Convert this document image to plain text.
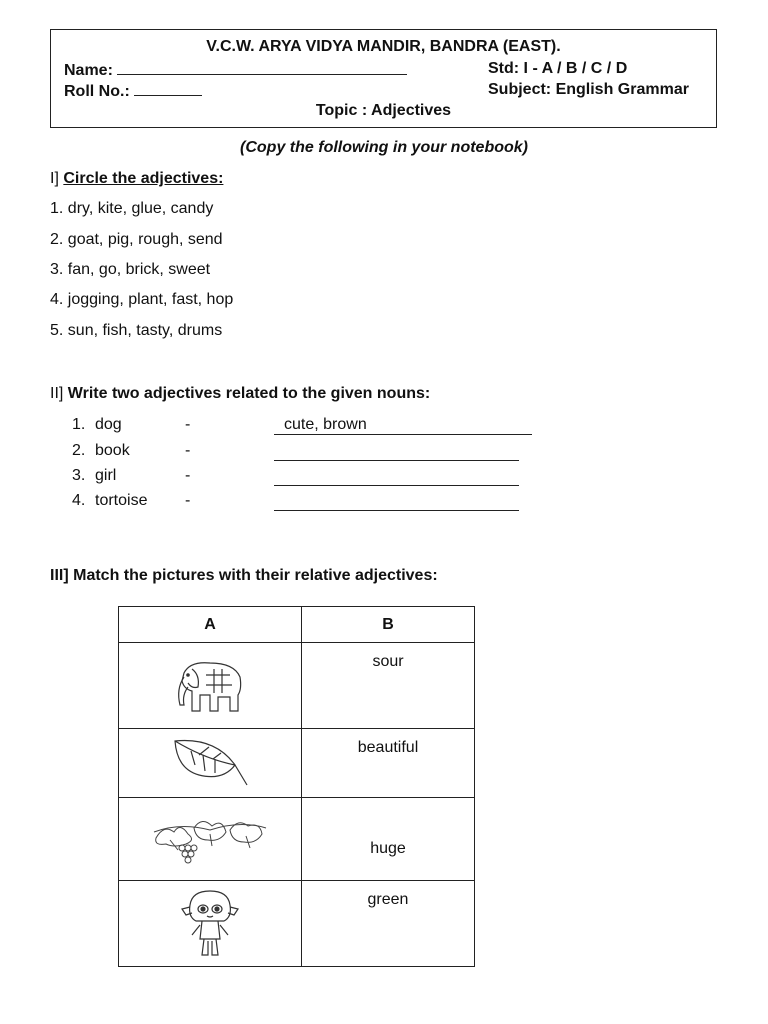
V.C.W. ARYA VIDYA MANDIR, BANDRA (EAST).
Name:	Std: I - A / B / C / D
Roll No.:	Subject: English Grammar
Topic : Adjectives
(Copy the following in your notebook)
I] Circle the adjectives:
1. dry, kite, glue, candy
2. goat, pig, rough, send
3. fan, go, brick, sweet
4. jogging, plant, fast, hop
5. sun, fish, tasty, drums
II] Write two adjectives related to the given nouns:
1. dog	-	cute, brown
2. book	-
3. girl	-
4. tortoise -
III] Match the pictures with their relative adjectives:
A	B

	sour

	beautiful

	huge

	green
